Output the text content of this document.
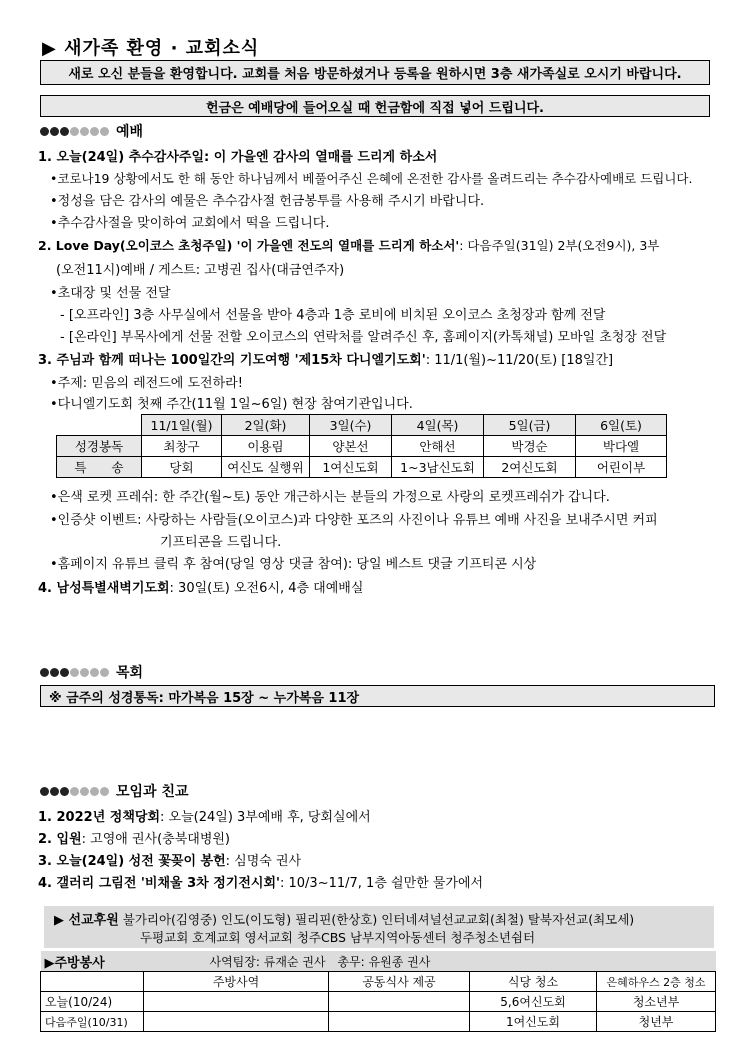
▶ 새가족 환영 · 교회소식
새로 오신 분들을 환영합니다. 교회를 처음 방문하셨거나 등록을 원하시면 3층 새가족실로 오시기 바랍니다.
헌금은 예배당에 들어오실 때 헌금함에 직접 넣어 드립니다.
예배
1. 오늘(24일) 추수감사주일: 이 가을엔 감사의 열매를 드리게 하소서
•코로나19 상황에서도 한 해 동안 하나님께서 베풀어주신 은혜에 온전한 감사를 올려드리는 추수감사예배로 드립니다.
•정성을 담은 감사의 예물은 추수감사절 헌금봉투를 사용해 주시기 바랍니다.
•추수감사절을 맞이하여 교회에서 떡을 드립니다.
2. Love Day(오이코스 초청주일) '이 가을엔 전도의 열매를 드리게 하소서': 다음주일(31일) 2부(오전9시), 3부
(오전11시)예배 / 게스트: 고병권 집사(대금연주자)
•초대장 및 선물 전달
- [오프라인] 3층 사무실에서 선물을 받아 4층과 1층 로비에 비치된 오이코스 초청장과 함께 전달
- [온라인] 부목사에게 선물 전할 오이코스의 연락처를 알려주신 후, 홈페이지(카톡채널) 모바일 초청장 전달
3. 주님과 함께 떠나는 100일간의 기도여행 '제15차 다니엘기도회': 11/1(월)~11/20(토) [18일간]
•주제: 믿음의 레전드에 도전하라!
•다니엘기도회 첫째 주간(11월 1일~6일) 현장 참여기관입니다.
	11/1일(월)	2일(화)	3일(수)	4일(목)	5일(금)	6일(토)
성경봉독	최창구	이용림	양본선	안해선	박경순	박다엘
특　　송	당회	여신도 실행위	1여신도회	1~3남신도회	2여신도회	어린이부
•은색 로켓 프레쉬: 한 주간(월~토) 동안 개근하시는 분들의 가정으로 사랑의 로켓프레쉬가 갑니다.
•인증샷 이벤트: 사랑하는 사람들(오이코스)과 다양한 포즈의 사진이나 유튜브 예배 사진을 보내주시면 커피
기프티콘을 드립니다.
•홈페이지 유튜브 클릭 후 참여(당일 영상 댓글 참여): 당일 베스트 댓글 기프티콘 시상
4. 남성특별새벽기도회: 30일(토) 오전6시, 4층 대예배실
목회
※ 금주의 성경통독: 마가복음 15장 ~ 누가복음 11장
모임과 친교
1. 2022년 정책당회: 오늘(24일) 3부예배 후, 당회실에서
2. 입원: 고영애 권사(충북대병원)
3. 오늘(24일) 성전 꽃꽂이 봉헌: 심명숙 권사
4. 갤러리 그림전 '비채울 3차 정기전시회': 10/3~11/7, 1층 쉴만한 물가에서
▶ 선교후원 불가리아(김영중) 인도(이도형) 필리핀(한상호) 인터네셔널선교교회(최철) 탈북자선교(최모세)
두평교회 호계교회 영서교회 청주CBS 남부지역아동센터 청주청소년쉼터
▶주방봉사	사역팀장: 류재순 권사　총무: 유원종 권사			
	주방사역	공동식사 제공	식당 청소	은혜하우스 2층 청소
오늘(10/24)			5,6여신도회	청소년부
다음주일(10/31)			1여신도회	청년부
